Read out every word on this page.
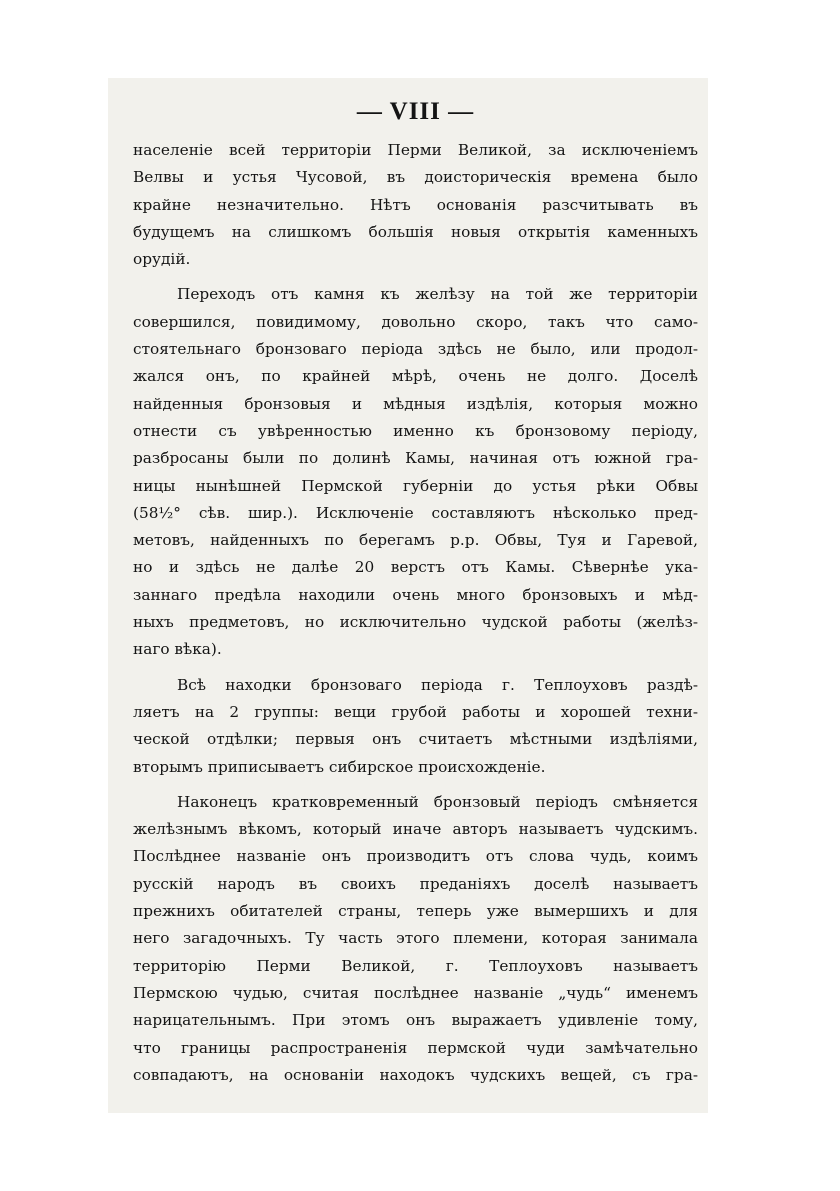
— VIII —
населеніе всей территоріи Перми Великой, за исключеніемъ
Велвы и устья Чусовой, въ доисторическія времена было
крайне незначительно. Нѣтъ основанія разсчитывать въ
будущемъ на слишкомъ большія новыя открытія каменныхъ
орудій.
Переходъ отъ камня къ желѣзу на той же территоріи
совершился, повидимому, довольно скоро, такъ что само-
стоятельнаго бронзоваго періода здѣсь не было, или продол-
жался онъ, по крайней мѣрѣ, очень не долго. Доселѣ
найденныя бронзовыя и мѣдныя издѣлія, которыя можно
отнести съ увѣренностью именно къ бронзовому періоду,
разбросаны были по долинѣ Камы, начиная отъ южной гра-
ницы нынѣшней Пермской губерніи до устья рѣки Обвы
(58½° сѣв. шир.). Исключеніе составляютъ нѣсколько пред-
метовъ, найденныхъ по берегамъ р.р. Обвы, Туя и Гаревой,
но и здѣсь не далѣе 20 верстъ отъ Камы. Сѣвернѣе ука-
заннаго предѣла находили очень много бронзовыхъ и мѣд-
ныхъ предметовъ, но исключительно чудской работы (желѣз-
наго вѣка).
Всѣ находки бронзоваго періода г. Теплоуховъ раздѣ-
ляетъ на 2 группы: вещи грубой работы и хорошей техни-
ческой отдѣлки; первыя онъ считаетъ мѣстными издѣліями,
вторымъ приписываетъ сибирское происхожденіе.
Наконецъ кратковременный бронзовый періодъ смѣняется
желѣзнымъ вѣкомъ, который иначе авторъ называетъ чудскимъ.
Послѣднее названіе онъ производитъ отъ слова чудь, коимъ
русскій народъ въ своихъ преданіяхъ доселѣ называетъ
прежнихъ обитателей страны, теперь уже вымершихъ и для
него загадочныхъ. Ту часть этого племени, которая занимала
территорію Перми Великой, г. Теплоуховъ называетъ
Пермскою чудью, считая послѣднее названіе „чудь“ именемъ
нарицательнымъ. При этомъ онъ выражаетъ удивленіе тому,
что границы распространенія пермской чуди замѣчательно
совпадаютъ, на основаніи находокъ чудскихъ вещей, съ гра-
